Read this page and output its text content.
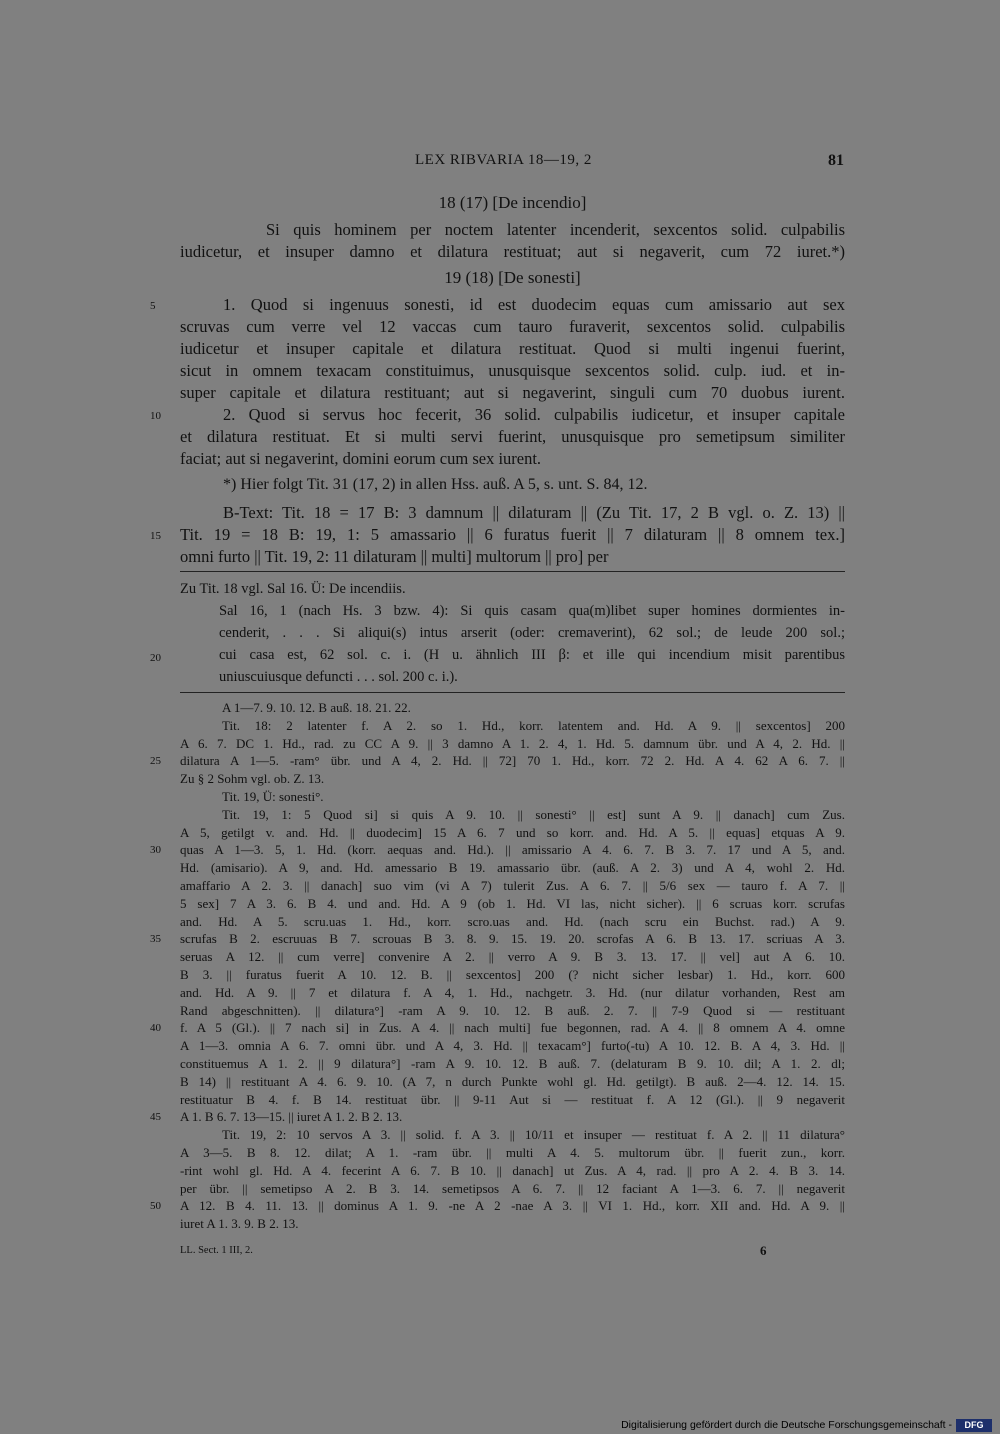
LEX RIBVARIA 18—19, 2	81
18 (17) [De incendio]
Si quis hominem per noctem latenter incenderit, sexcentos solid. culpabilis
iudicetur, et insuper damno et dilatura restituat; aut si negaverit, cum 72 iuret.*)
19 (18) [De sonesti]
5	1. Quod si ingenuus sonesti, id est duodecim equas cum amissario aut sex
scruvas cum verre vel 12 vaccas cum tauro furaverit, sexcentos solid. culpabilis
iudicetur et insuper capitale et dilatura restituat. Quod si multi ingenui fuerint,
sicut in omnem texacam constituimus, unusquisque sexcentos solid. culp. iud. et in-
super capitale et dilatura restituant; aut si negaverint, singuli cum 70 duobus iurent.
10	2. Quod si servus hoc fecerit, 36 solid. culpabilis iudicetur, et insuper capitale
et dilatura restituat. Et si multi servi fuerint, unusquisque pro semetipsum similiter
faciat; aut si negaverint, domini eorum cum sex iurent.
*) Hier folgt Tit. 31 (17, 2) in allen Hss. auß. A 5, s. unt. S. 84, 12.
B-Text: Tit. 18 = 17 B: 3 damnum || dilaturam || (Zu Tit. 17, 2 B vgl. o. Z. 13) ||
15	Tit. 19 = 18 B: 19, 1: 5 amassario || 6 furatus fuerit || 7 dilaturam || 8 omnem tex.]
omni furto || Tit. 19, 2: 11 dilaturam || multi] multorum || pro] per
Zu Tit. 18 vgl. Sal 16. Ü: De incendiis.
Sal 16, 1 (nach Hs. 3 bzw. 4): Si quis casam qua(m)libet super homines dormientes in-
cenderit, . . . Si aliqui(s) intus arserit (oder: cremaverint), 62 sol.; de leude 200 sol.;
20	cui casa est, 62 sol. c. i. (H u. ähnlich III β: et ille qui incendium misit parentibus
uniuscuiusque defuncti . . . sol. 200 c. i.).
A 1—7. 9. 10. 12. B auß. 18. 21. 22.
Tit. 18: 2 latenter f. A 2. so 1. Hd., korr. latentem and. Hd. A 9. || sexcentos] 200
A 6. 7. DC 1. Hd., rad. zu CC A 9. || 3 damno A 1. 2. 4, 1. Hd. 5. damnum übr. und A 4, 2. Hd. ||
dilatura A 1—5. -ram° übr. und A 4, 2. Hd. || 72] 70 1. Hd., korr. 72 2. Hd. A 4. 62 A 6. 7. ||
Zu § 2 Sohm vgl. ob. Z. 13.
Tit. 19, Ü: sonesti°.
Tit. 19, 1: 5 Quod si] si quis A 9. 10. || sonesti° || est] sunt A 9. || danach] cum Zus.
A 5, getilgt v. and. Hd. || duodecim] 15 A 6. 7 und so korr. and. Hd. A 5. || equas] etquas A 9.
quas A 1—3. 5, 1. Hd. (korr. aequas and. Hd.). || amissario A 4. 6. 7. B 3. 7. 17 und A 5, and.
Hd. (amisario). A 9, and. Hd. amessario B 19. amassario übr. (auß. A 2. 3) und A 4, wohl 2. Hd.
amaffario A 2. 3. || danach] suo vim (vi A 7) tulerit Zus. A 6. 7. || 5/6 sex — tauro f. A 7. ||
5 sex] 7 A 3. 6. B 4. und and. Hd. A 9 (ob 1. Hd. VI las, nicht sicher). || 6 scruas korr. scrufas
and. Hd. A 5. scru.uas 1. Hd., korr. scro.uas and. Hd. (nach scru ein Buchst. rad.) A 9.
scrufas B 2. escruuas B 7. scrouas B 3. 8. 9. 15. 19. 20. scrofas A 6. B 13. 17. scriuas A 3.
seruas A 12. || cum verre] convenire A 2. || verro A 9. B 3. 13. 17. || vel] aut A 6. 10.
B 3. || furatus fuerit A 10. 12. B. || sexcentos] 200 (? nicht sicher lesbar) 1. Hd., korr. 600
and. Hd. A 9. || 7 et dilatura f. A 4, 1. Hd., nachgetr. 3. Hd. (nur dilatur vorhanden, Rest am
Rand abgeschnitten). || dilatura°] -ram A 9. 10. 12. B auß. 2. 7. || 7-9 Quod si — restituant
f. A 5 (Gl.). || 7 nach si] in Zus. A 4. || nach multi] fue begonnen, rad. A 4. || 8 omnem A 4. omne
A 1—3. omnia A 6. 7. omni übr. und A 4, 3. Hd. || texacam°] furto(-tu) A 10. 12. B. A 4, 3. Hd. ||
constituemus A 1. 2. || 9 dilatura°] -ram A 9. 10. 12. B auß. 7. (delaturam B 9. 10. dil; A 1. 2. dl;
B 14) || restituant A 4. 6. 9. 10. (A 7, n durch Punkte wohl gl. Hd. getilgt). B auß. 2—4. 12. 14. 15.
restituatur B 4. f. B 14. restituat übr. || 9-11 Aut si — restituat f. A 12 (Gl.). || 9 negaverit
A 1. B 6. 7. 13—15. || iuret A 1. 2. B 2. 13.
Tit. 19, 2: 10 servos A 3. || solid. f. A 3. || 10/11 et insuper — restituat f. A 2. || 11 dilatura°
A 3—5. B 8. 12. dilat; A 1. -ram übr. || multi A 4. 5. multorum übr. || fuerit zun., korr.
-rint wohl gl. Hd. A 4. fecerint A 6. 7. B 10. || danach] ut Zus. A 4, rad. || pro A 2. 4. B 3. 14.
per übr. || semetipso A 2. B 3. 14. semetipsos A 6. 7. || 12 faciant A 1—3. 6. 7. || negaverit
A 12. B 4. 11. 13. || dominus A 1. 9. -ne A 2 -nae A 3. || VI 1. Hd., korr. XII and. Hd. A 9. ||
iuret A 1. 3. 9. B 2. 13.
25
30
35
40
45
50
LL. Sect. 1 III, 2.	6
Digitalisierung gefördert durch die Deutsche Forschungsgemeinschaft -	DFG
